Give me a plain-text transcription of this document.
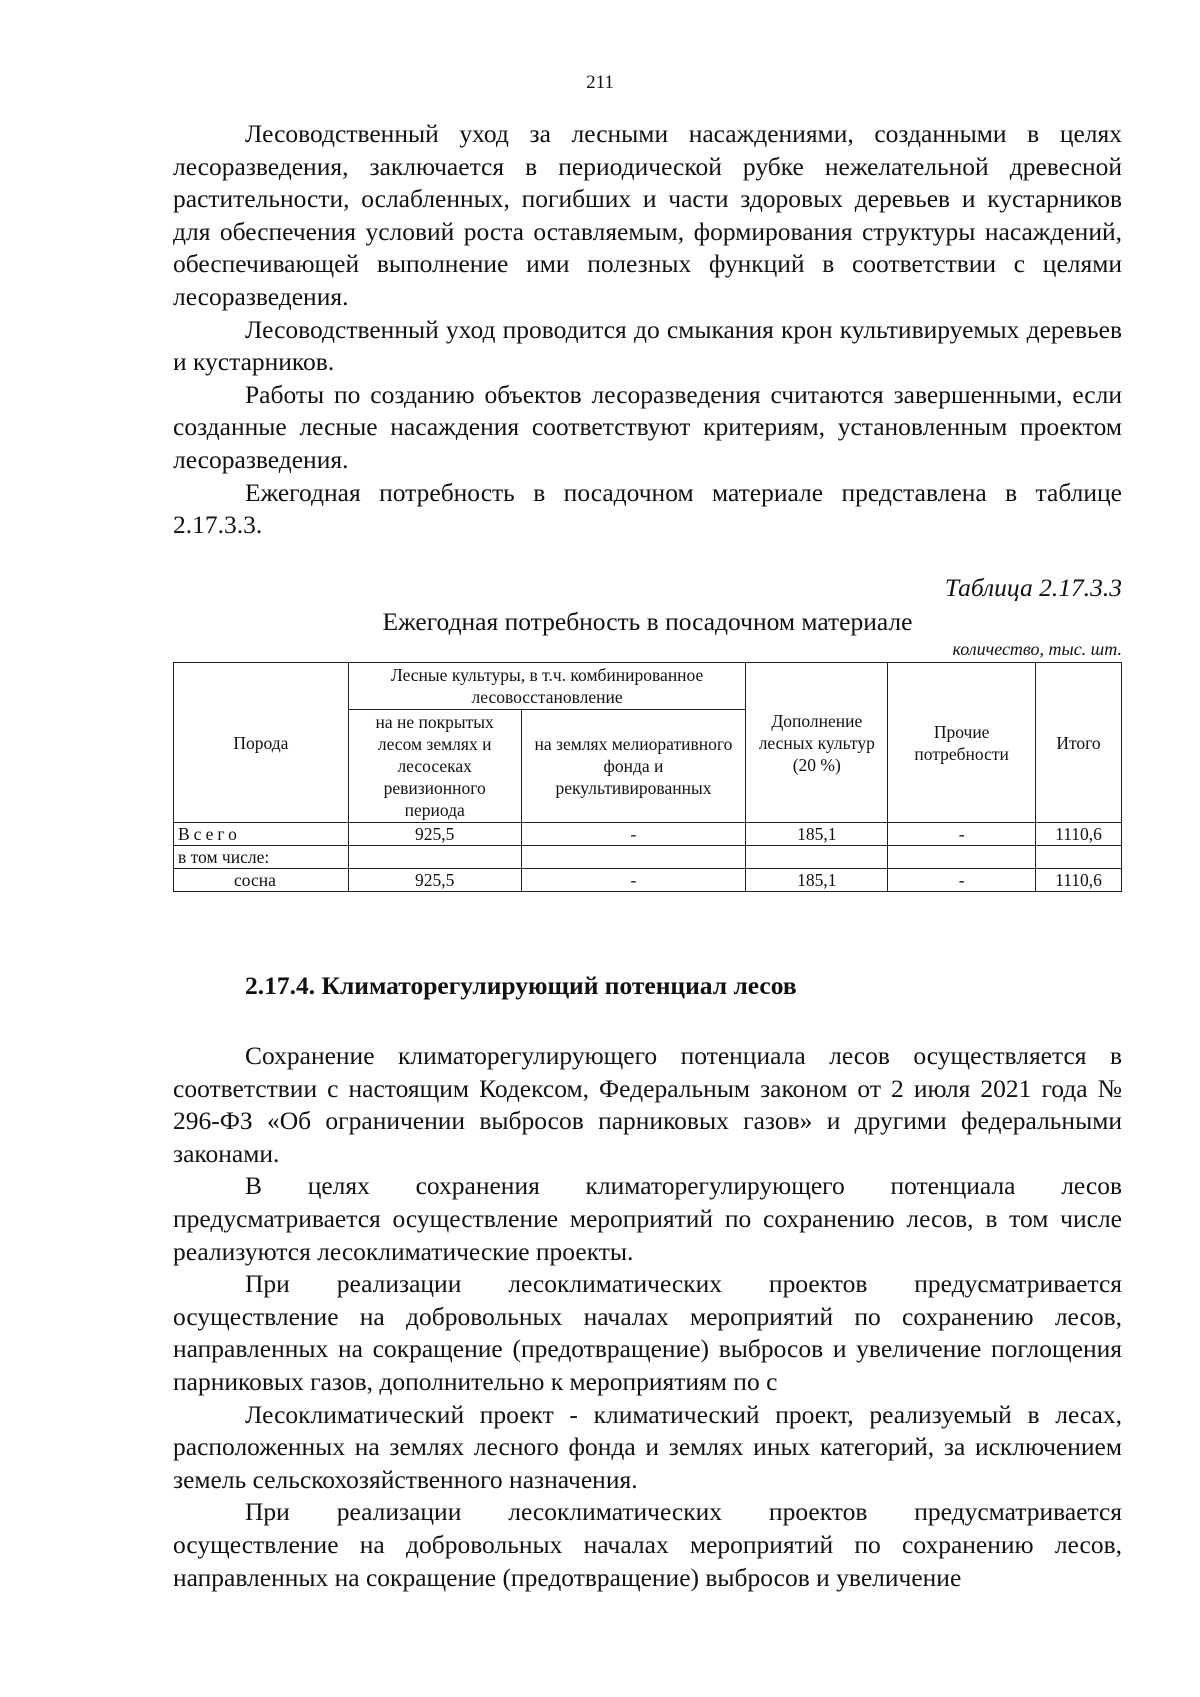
211

Лесоводственный уход за лесными насаждениями, созданными в целях лесоразведения, заключается в периодической рубке нежелательной древесной растительности, ослабленных, погибших и части здоровых деревьев и кустарников для обеспечения условий роста оставляемым, формирования структуры насаждений, обеспечивающей выполнение ими полезных функций в соответствии с целями лесоразведения.

Лесоводственный уход проводится до смыкания крон культивируемых деревьев и кустарников.

Работы по созданию объектов лесоразведения считаются завершенными, если созданные лесные насаждения соответствуют критериям, установленным проектом лесоразведения.

Ежегодная потребность в посадочном материале представлена в таблице 2.17.3.3.

Таблица 2.17.3.3
Ежегодная потребность в посадочном материале
количество, тыс. шт.
Порода	Лесные культуры, в т.ч. комбинированное лесовосстановление		Дополнение лесных культур (20 %)	Прочие потребности	Итого
	на не покрытых лесом землях и лесосеках ревизионного периода	на землях мелиоративного фонда и рекультивированных			
Всего	925,5	-	185,1	-	1110,6
в том числе:					
сосна	925,5	-	185,1	-	1110,6
2.17.4. Климаторегулирующий потенциал лесов

Сохранение климаторегулирующего потенциала лесов осуществляется в соответствии с настоящим Кодексом, Федеральным законом от 2 июля 2021 года № 296-ФЗ «Об ограничении выбросов парниковых газов» и другими федеральными законами.

В целях сохранения климаторегулирующего потенциала лесов предусматривается осуществление мероприятий по сохранению лесов, в том числе реализуются лесоклиматические проекты.

При реализации лесоклиматических проектов предусматривается осуществление на добровольных началах мероприятий по сохранению лесов, направленных на сокращение (предотвращение) выбросов и увеличение поглощения парниковых газов, дополнительно к мероприятиям по с

Лесоклиматический проект - климатический проект, реализуемый в лесах, расположенных на землях лесного фонда и землях иных категорий, за исключением земель сельскохозяйственного назначения.

При реализации лесоклиматических проектов предусматривается осуществление на добровольных началах мероприятий по сохранению лесов, направленных на сокращение (предотвращение) выбросов и увеличение
